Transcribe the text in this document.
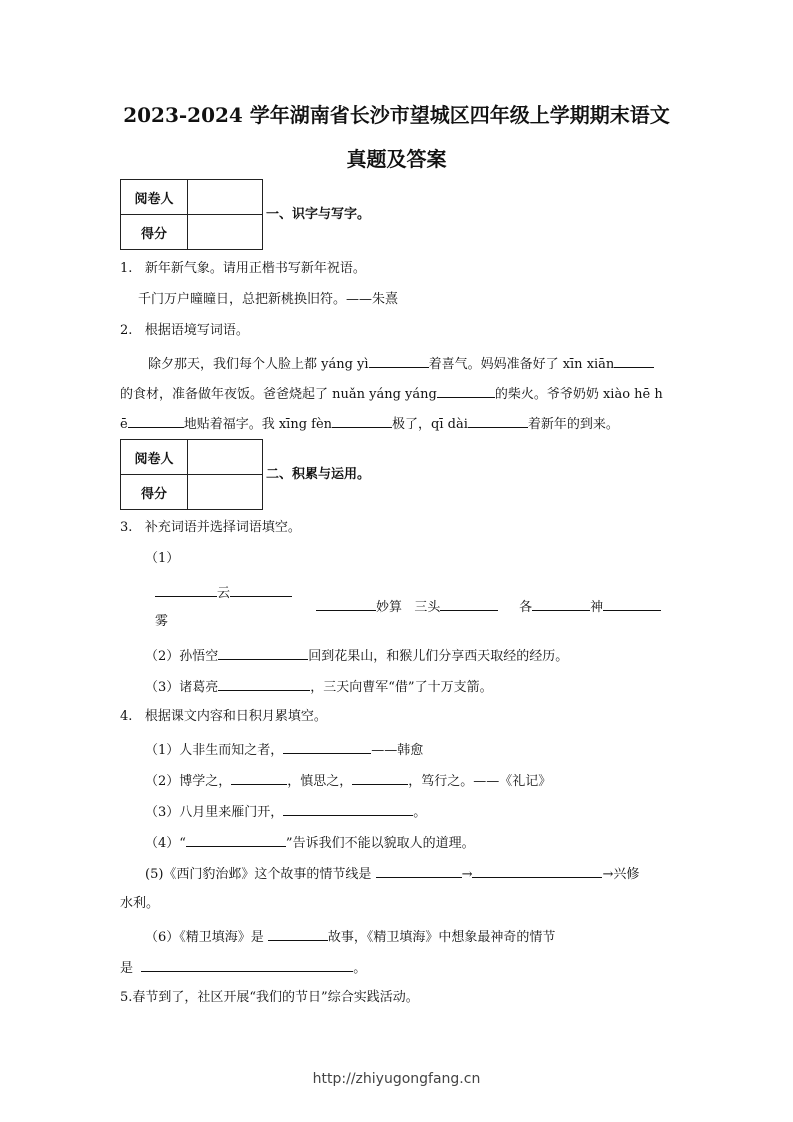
2023-2024 学年湖南省长沙市望城区四年级上学期期末语文
真题及答案
阅卷人	
得分	
一、识字与写字。
1. 新年新气象。请用正楷书写新年祝语。
千门万户曈曈日，总把新桃换旧符。——朱熹
2. 根据语境写词语。
除夕那天，我们每个人脸上都 yáng yì	着喜气。妈妈准备好了 xīn xiān
的食材，准备做年夜饭。爸爸烧起了 nuǎn yáng yáng	的柴火。爷爷奶奶 xiào hē h
ē	地贴着福字。我 xīng fèn	极了，qī dài	着新年的到来。
阅卷人	
得分	
二、积累与运用。
3. 补充词语并选择词语填空。
（1）
云
雾
妙算 三头	各	神
（2）孙悟空	回到花果山，和猴儿们分享西天取经的经历。
（3）诸葛亮	，三天向曹军“借”了十万支箭。
4. 根据课文内容和日积月累填空。
（1）人非生而知之者，	——韩愈
（2）博学之，	，慎思之，	，笃行之。——《礼记》
（3）八月里来雁门开，	。
（4）“	”告诉我们不能以貌取人的道理。
(5)《西门豹治邺》这个故事的情节线是	→	→兴修
水利。
（6）《精卫填海》是	故事，《精卫填海》中想象最神奇的情节
是	。
5.春节到了，社区开展“我们的节日”综合实践活动。
http://zhiyugongfang.cn
